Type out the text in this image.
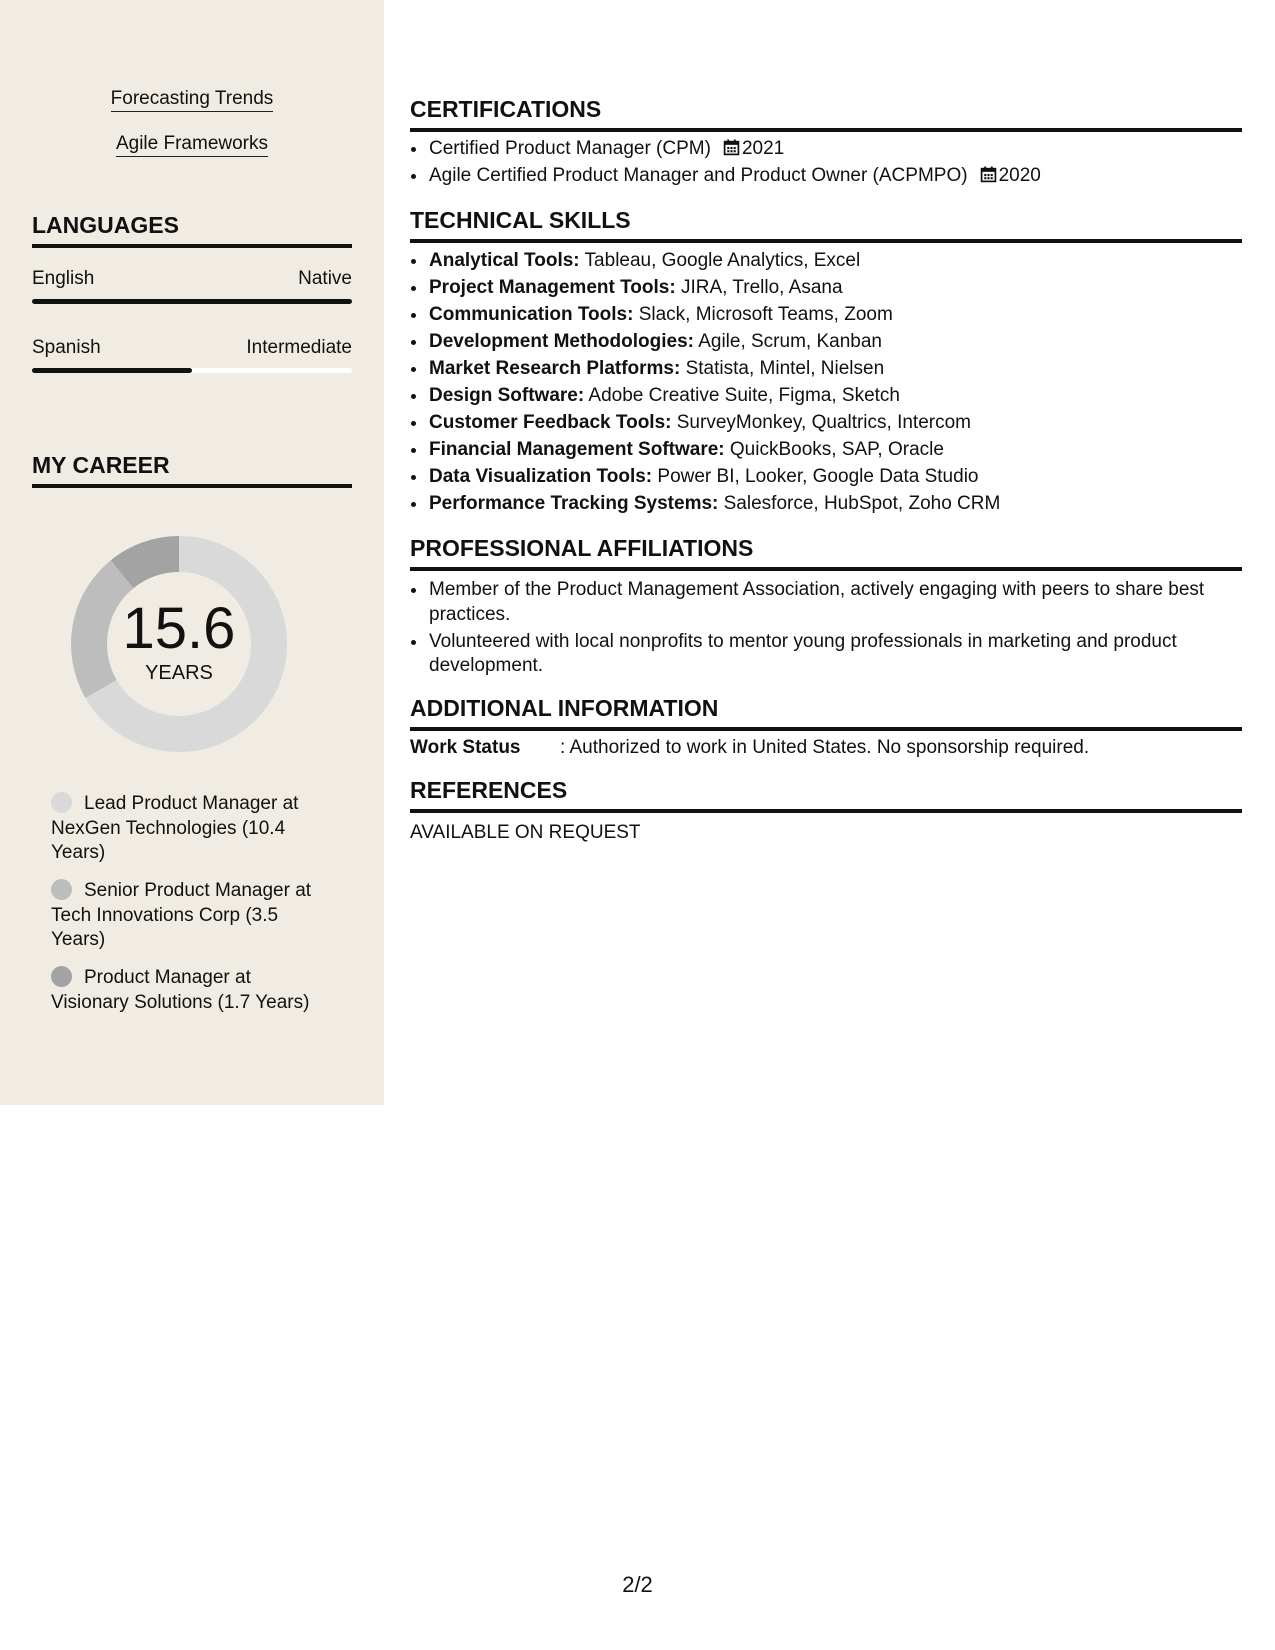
Forecasting Trends
Agile Frameworks
LANGUAGES
English	Native
Spanish	Intermediate
MY CAREER
15.6
YEARS
Lead Product Manager at NexGen Technologies (10.4 Years)
Senior Product Manager at Tech Innovations Corp (3.5 Years)
Product Manager at Visionary Solutions (1.7 Years)
CERTIFICATIONS
• Certified Product Manager (CPM) 2021
• Agile Certified Product Manager and Product Owner (ACPMPO) 2020
TECHNICAL SKILLS
• Analytical Tools: Tableau, Google Analytics, Excel
• Project Management Tools: JIRA, Trello, Asana
• Communication Tools: Slack, Microsoft Teams, Zoom
• Development Methodologies: Agile, Scrum, Kanban
• Market Research Platforms: Statista, Mintel, Nielsen
• Design Software: Adobe Creative Suite, Figma, Sketch
• Customer Feedback Tools: SurveyMonkey, Qualtrics, Intercom
• Financial Management Software: QuickBooks, SAP, Oracle
• Data Visualization Tools: Power BI, Looker, Google Data Studio
• Performance Tracking Systems: Salesforce, HubSpot, Zoho CRM
PROFESSIONAL AFFILIATIONS
• Member of the Product Management Association, actively engaging with peers to share best practices.
• Volunteered with local nonprofits to mentor young professionals in marketing and product development.
ADDITIONAL INFORMATION
Work Status : Authorized to work in United States. No sponsorship required.
REFERENCES
AVAILABLE ON REQUEST
2/2
